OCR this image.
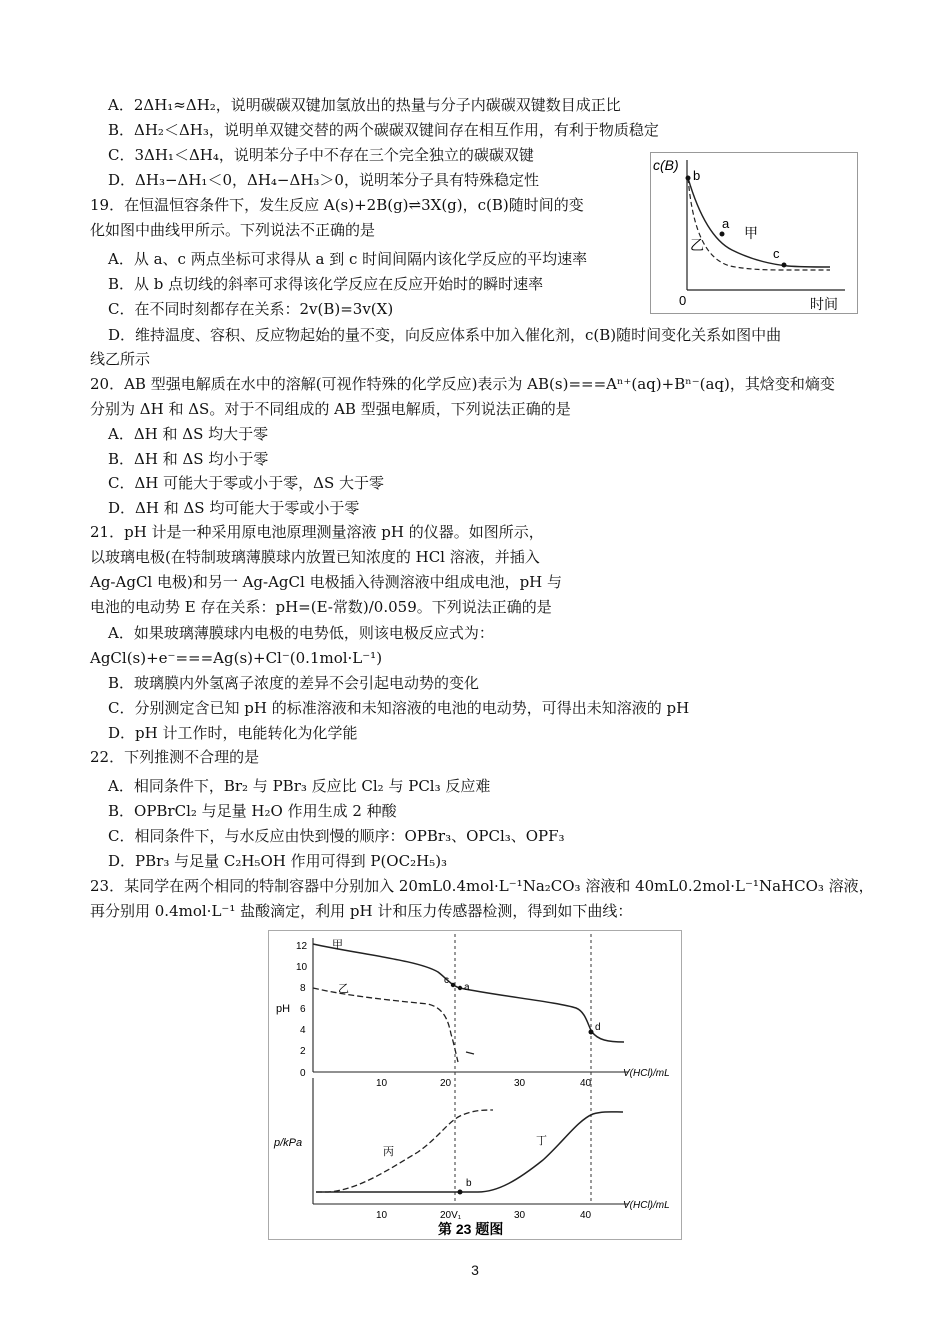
A．2ΔH₁≈ΔH₂，说明碳碳双键加氢放出的热量与分子内碳碳双键数目成正比
B．ΔH₂＜ΔH₃，说明单双键交替的两个碳碳双键间存在相互作用，有利于物质稳定
C．3ΔH₁＜ΔH₄，说明苯分子中不存在三个完全独立的碳碳双键
D．ΔH₃−ΔH₁＜0，ΔH₄−ΔH₃＞0，说明苯分子具有特殊稳定性
19．在恒温恒容条件下，发生反应 A(s)+2B(g)⇌3X(g)，c(B)随时间的变
化如图中曲线甲所示。下列说法不正确的是
A．从 a、c 两点坐标可求得从 a 到 c 时间间隔内该化学反应的平均速率
B．从 b 点切线的斜率可求得该化学反应在反应开始时的瞬时速率
C．在不同时刻都存在关系：2v(B)=3v(X)
D．维持温度、容积、反应物起始的量不变，向反应体系中加入催化剂，c(B)随时间变化关系如图中曲
线乙所示
c(B)
时间
0
b
a
c
甲
乙
20．AB 型强电解质在水中的溶解(可视作特殊的化学反应)表示为 AB(s)===Aⁿ⁺(aq)+Bⁿ⁻(aq)，其焓变和熵变
分别为 ΔH 和 ΔS。对于不同组成的 AB 型强电解质，下列说法正确的是
A．ΔH 和 ΔS 均大于零
B．ΔH 和 ΔS 均小于零
C．ΔH 可能大于零或小于零，ΔS 大于零
D．ΔH 和 ΔS 均可能大于零或小于零
21．pH 计是一种采用原电池原理测量溶液 pH 的仪器。如图所示，
以玻璃电极(在特制玻璃薄膜球内放置已知浓度的 HCl 溶液，并插入
Ag-AgCl 电极)和另一 Ag-AgCl 电极插入待测溶液中组成电池，pH 与
电池的电动势 E 存在关系：pH=(E-常数)/0.059。下列说法正确的是
A．如果玻璃薄膜球内电极的电势低，则该电极反应式为：
AgCl(s)+e⁻===Ag(s)+Cl⁻(0.1mol·L⁻¹)
B．玻璃膜内外氢离子浓度的差异不会引起电动势的变化
C．分别测定含已知 pH 的标准溶液和未知溶液的电池的电动势，可得出未知溶液的 pH
D．pH 计工作时，电能转化为化学能
22．下列推测不合理的是
A．相同条件下，Br₂ 与 PBr₃ 反应比 Cl₂ 与 PCl₃ 反应难
B．OPBrCl₂ 与足量 H₂O 作用生成 2 种酸
C．相同条件下，与水反应由快到慢的顺序：OPBr₃、OPCl₃、OPF₃
D．PBr₃ 与足量 C₂H₅OH 作用可得到 P(OC₂H₅)₃
23．某同学在两个相同的特制容器中分别加入 20mL0.4mol·L⁻¹Na₂CO₃ 溶液和 40mL0.2mol·L⁻¹NaHCO₃ 溶液，
再分别用 0.4mol·L⁻¹ 盐酸滴定，利用 pH 计和压力传感器检测，得到如下曲线：
pH
12
10
8
6
4
2
0
10	20	30	40
V(HCl)/mL
甲
乙
c
a
d
p/kPa
b
丙
丁
10	20V₁	30	40
V(HCl)/mL
第 23 题图
3
